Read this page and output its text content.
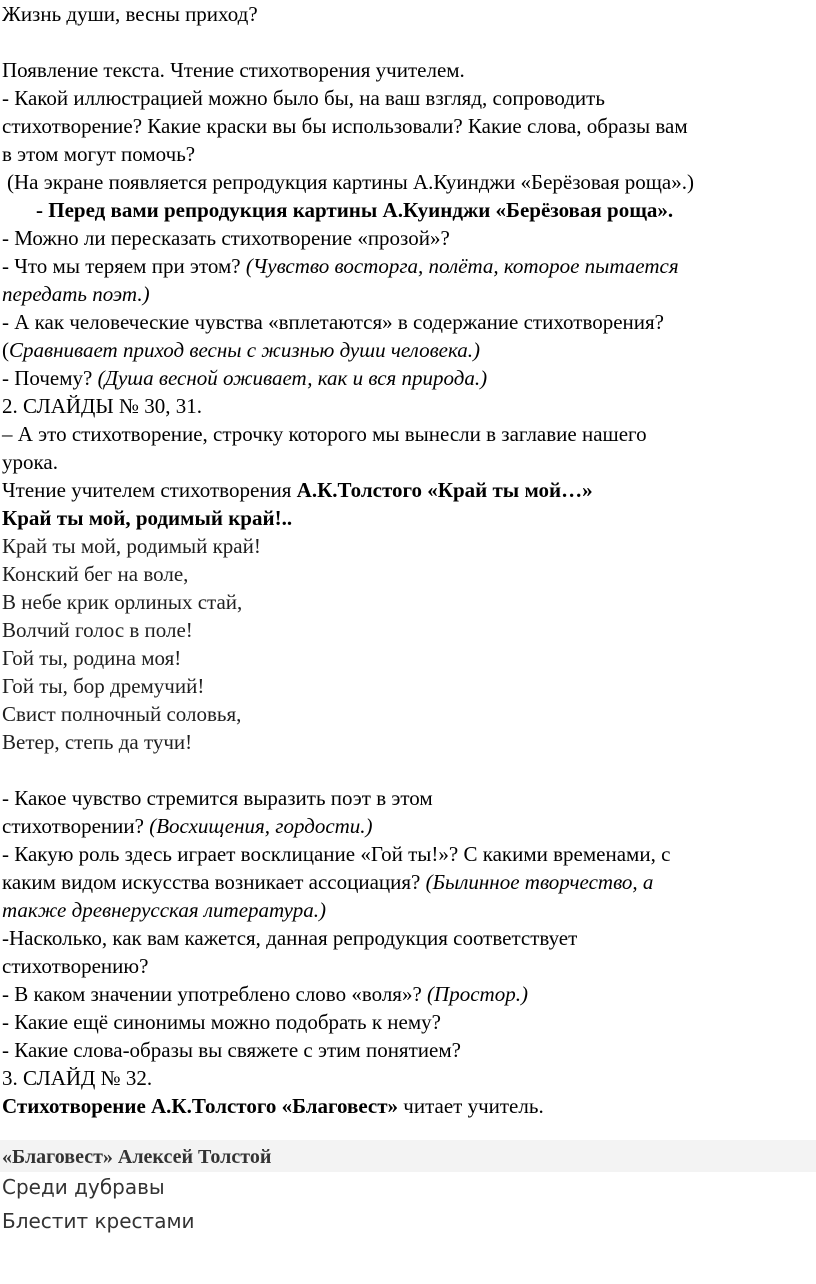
Жизнь души, весны приход?

Появление текста. Чтение стихотворения учителем.

- Какой иллюстрацией можно было бы, на ваш взгляд, сопроводить

стихотворение? Какие краски вы бы использовали? Какие слова, образы вам

в этом могут помочь?

(На экране появляется репродукция картины А.Куинджи «Берёзовая роща».)

- Перед вами репродукция картины А.Куинджи «Берёзовая роща».

- Можно ли пересказать стихотворение «прозой»?

- Что мы теряем при этом? (Чувство восторга, полёта, которое пытается

передать поэт.)

- А как человеческие чувства «вплетаются» в содержание стихотворения?

(Сравнивает приход весны с жизнью души человека.)

- Почему? (Душа весной оживает, как и вся природа.)

2. СЛАЙДЫ № 30, 31.

– А это стихотворение, строчку которого мы вынесли в заглавие нашего

урока.

Чтение учителем стихотворения А.К.Толстого «Край ты мой…»

Край ты мой, родимый край!..

Край ты мой, родимый край!

Конский бег на воле,

В небе крик орлиных стай,

Волчий голос в поле!

Гой ты, родина моя!

Гой ты, бор дремучий!

Свист полночный соловья,

Ветер, степь да тучи!

- Какое чувство стремится выразить поэт в этом

стихотворении? (Восхищения, гордости.)

- Какую роль здесь играет восклицание «Гой ты!»? С какими временами, с

каким видом искусства возникает ассоциация? (Былинное творчество, а

также древнерусская литература.)

-Насколько, как вам кажется, данная репродукция соответствует

стихотворению?

- В каком значении употреблено слово «воля»? (Простор.)

- Какие ещё синонимы можно подобрать к нему?

- Какие слова-образы вы свяжете с этим понятием?

3. СЛАЙД № 32.

Стихотворение А.К.Толстого «Благовест» читает учитель.

«Благовест» Алексей Толстой
Среди дубравы
Блестит крестами
